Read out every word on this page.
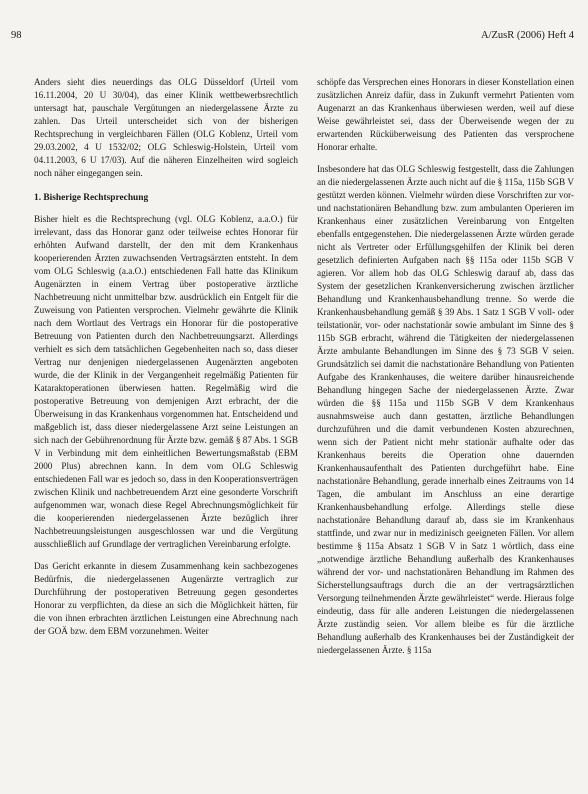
98	A/ZusR (2006) Heft 4

Anders sieht dies neuerdings das OLG Düsseldorf (Urteil vom 16.11.2004, 20 U 30/04), das einer Klinik wettbewerbsrechtlich untersagt hat, pauschale Vergütungen an niedergelassene Ärzte zu zahlen. Das Urteil unterscheidet sich von der bisherigen Rechtsprechung in vergleichbaren Fällen (OLG Koblenz, Urteil vom 29.03.2002, 4 U 1532/02; OLG Schleswig-Holstein, Urteil vom 04.11.2003, 6 U 17/03). Auf die näheren Einzelheiten wird sogleich noch näher eingegangen sein.

1. Bisherige Rechtsprechung

Bisher hielt es die Rechtsprechung (vgl. OLG Koblenz, a.a.O.) für irrelevant, dass das Honorar ganz oder teilweise echtes Honorar für erhöhten Aufwand darstellt, der den mit dem Krankenhaus kooperierenden Ärzten zuwachsenden Vertragsärzten entsteht. In dem vom OLG Schleswig (a.a.O.) entschiedenen Fall hatte das Klinikum Augenärzten in einem Vertrag über postoperative ärztliche Nachbetreuung nicht unmittelbar bzw. ausdrücklich ein Entgelt für die Zuweisung von Patienten versprochen. Vielmehr gewährte die Klinik nach dem Wortlaut des Vertrags ein Honorar für die postoperative Betreuung von Patienten durch den Nachbetreuungsarzt. Allerdings verhielt es sich dem tatsächlichen Gegebenheiten nach so, dass dieser Vertrag nur denjenigen niedergelassenen Augenärzten angeboten wurde, die der Klinik in der Vergangenheit regelmäßig Patienten für Kataraktoperationen überwiesen hatten. Regelmäßig wird die postoperative Betreuung von demjenigen Arzt erbracht, der die Überweisung in das Krankenhaus vorgenommen hat. Entscheidend und maßgeblich ist, dass dieser niedergelassene Arzt seine Leistungen an sich nach der Gebührenordnung für Ärzte bzw. gemäß § 87 Abs. 1 SGB V in Verbindung mit dem einheitlichen Bewertungsmaßstab (EBM 2000 Plus) abrechnen kann. In dem vom OLG Schleswig entschiedenen Fall war es jedoch so, dass in den Kooperationsverträgen zwischen Klinik und nachbetreuendem Arzt eine gesonderte Vorschrift aufgenommen war, wonach diese Regel Abrechnungsmöglichkeit für die kooperierenden niedergelassenen Ärzte bezüglich ihrer Nachbetreuungsleistungen ausgeschlossen war und die Vergütung ausschließlich auf Grundlage der vertraglichen Vereinbarung erfolgte.

Das Gericht erkannte in diesem Zusammenhang kein sachbezogenes Bedürfnis, die niedergelassenen Augenärzte vertraglich zur Durchführung der postoperativen Betreuung gegen gesondertes Honorar zu verpflichten, da diese an sich die Möglichkeit hätten, für die von ihnen erbrachten ärztlichen Leistungen eine Abrechnung nach der GOÄ bzw. dem EBM vorzunehmen. Weiter

schöpfe das Versprechen eines Honorars in dieser Konstellation einen zusätzlichen Anreiz dafür, dass in Zukunft vermehrt Patienten vom Augenarzt an das Krankenhaus überwiesen werden, weil auf diese Weise gewährleistet sei, dass der Überweisende wegen der zu erwartenden Rücküberweisung des Patienten das versprochene Honorar erhalte.

Insbesondere hat das OLG Schleswig festgestellt, dass die Zahlungen an die niedergelassenen Ärzte auch nicht auf die § 115a, 115b SGB V gestützt werden können. Vielmehr würden diese Vorschriften zur vor- und nachstationären Behandlung bzw. zum ambulanten Operieren im Krankenhaus einer zusätzlichen Vereinbarung von Entgelten ebenfalls entgegenstehen. Die niedergelassenen Ärzte würden gerade nicht als Vertreter oder Erfüllungsgehilfen der Klinik bei deren gesetzlich definierten Aufgaben nach §§ 115a oder 115b SGB V agieren. Vor allem hob das OLG Schleswig darauf ab, dass das System der gesetzlichen Krankenversicherung zwischen ärztlicher Behandlung und Krankenhausbehandlung trenne. So werde die Krankenhausbehandlung gemäß § 39 Abs. 1 Satz 1 SGB V voll- oder teilstationär, vor- oder nachstationär sowie ambulant im Sinne des § 115b SGB erbracht, während die Tätigkeiten der niedergelassenen Ärzte ambulante Behandlungen im Sinne des § 73 SGB V seien. Grundsätzlich sei damit die nachstationäre Behandlung von Patienten Aufgabe des Krankenhauses, die weitere darüber hinausreichende Behandlung hingegen Sache der niedergelassenen Ärzte. Zwar würden die §§ 115a und 115b SGB V dem Krankenhaus ausnahmsweise auch dann gestatten, ärztliche Behandlungen durchzuführen und die damit verbundenen Kosten abzurechnen, wenn sich der Patient nicht mehr stationär aufhalte oder das Krankenhaus bereits die Operation ohne dauernden Krankenhausaufenthalt des Patienten durchgeführt habe. Eine nachstationäre Behandlung, gerade innerhalb eines Zeitraums von 14 Tagen, die ambulant im Anschluss an eine derartige Krankenhausbehandlung erfolge. Allerdings stelle diese nachstationäre Behandlung darauf ab, dass sie im Krankenhaus stattfinde, und zwar nur in medizinisch geeigneten Fällen. Vor allem bestimme § 115a Absatz 1 SGB V in Satz 1 wörtlich, dass eine „notwendige ärztliche Behandlung außerhalb des Krankenhauses während der vor- und nachstationären Behandlung im Rahmen des Sicherstellungsauftrags durch die an der vertragsärztlichen Versorgung teilnehmenden Ärzte gewährleistet“ werde. Hieraus folge eindeutig, dass für alle anderen Leistungen die niedergelassenen Ärzte zuständig seien. Vor allem bleibe es für die ärztliche Behandlung außerhalb des Krankenhauses bei der Zuständigkeit der niedergelassenen Ärzte. § 115a
